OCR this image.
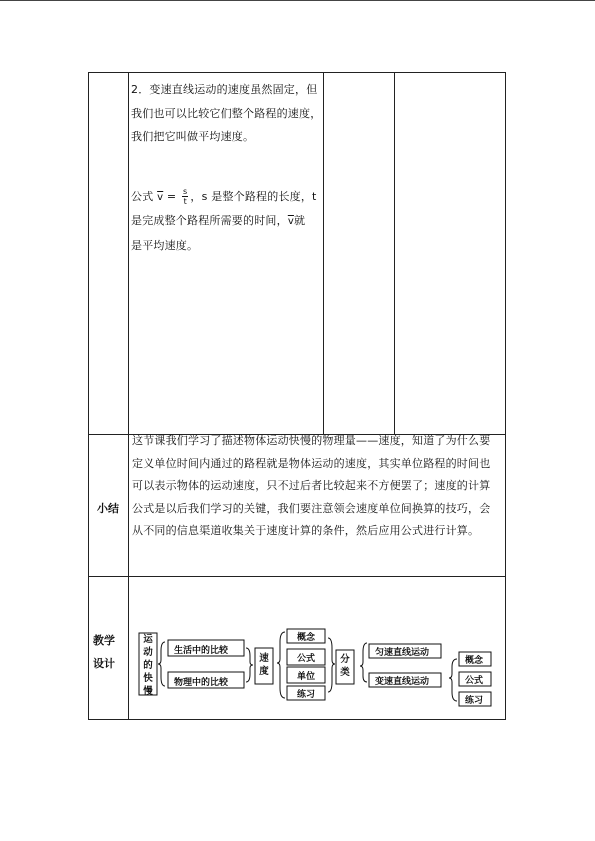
2．变速直线运动的速度虽然固定，但我们也可以比较它们整个路程的速度，我们把它叫做平均速度。
公式 $\overline{v} = \frac{s}{t}$ ，s 是整个路程的长度，t
是完成整个路程所需要的时间，$\overline{v}$就
是平均速度。
小结
这节课我们学习了描述物体运动快慢的物理量——速度，知道了为什么要定义单位时间内通过的路程就是物体运动的速度，其实单位路程的时间也可以表示物体的运动速度，只不过后者比较起来不方便罢了；速度的计算公式是以后我们学习的关键，我们要注意领会速度单位间换算的技巧，会从不同的信息渠道收集关于速度计算的条件，然后应用公式进行计算。
教学
设计
运动的快慢
生活中的比较
物理中的比较
速度
概念
公式
单位
练习
分类
匀速直线运动
变速直线运动
概念
公式
练习
